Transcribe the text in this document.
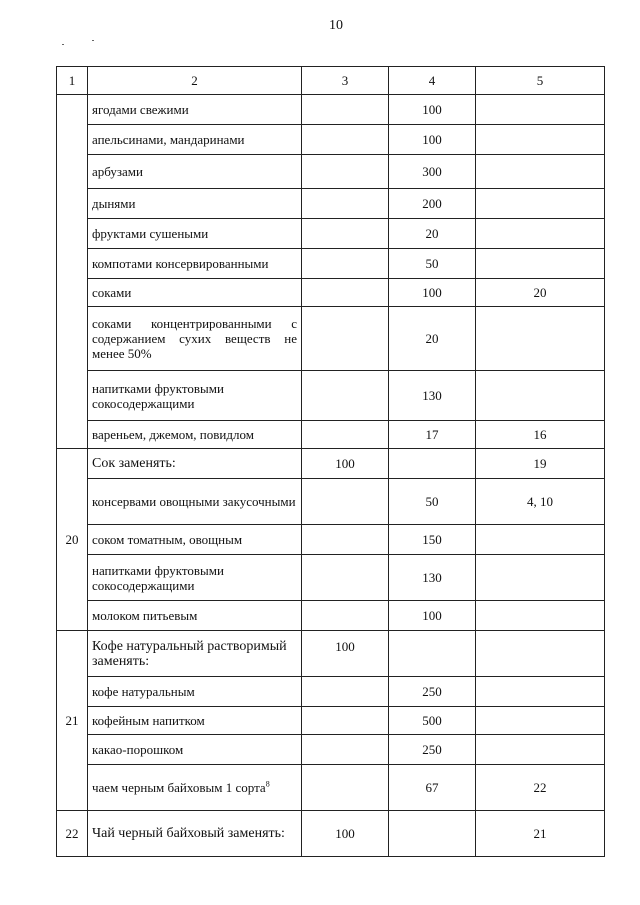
10
1	2	3	4	5
	ягодами свежими		100	
	апельсинами, мандаринами		100	
	арбузами		300	
	дынями		200	
	фруктами сушеными		20	
	компотами консервированными		50	
	соками		100	20
	соками концентрированными с содержанием сухих веществ не менее 50%		20	
	напитками фруктовыми сокосодержащими		130	
	вареньем, джемом, повидлом		17	16
20	Сок заменять:	100		19
	консервами овощными закусочными		50	4, 10
	соком томатным, овощным		150	
	напитками фруктовыми сокосодержащими		130	
	молоком питьевым		100	
21	Кофе натуральный растворимый заменять:	100		
	кофе натуральным		250	
	кофейным напитком		500	
	какао-порошком		250	
	чаем черным байховым 1 сорта$^8$		67	22
22	Чай черный байховый заменять:	100		21
